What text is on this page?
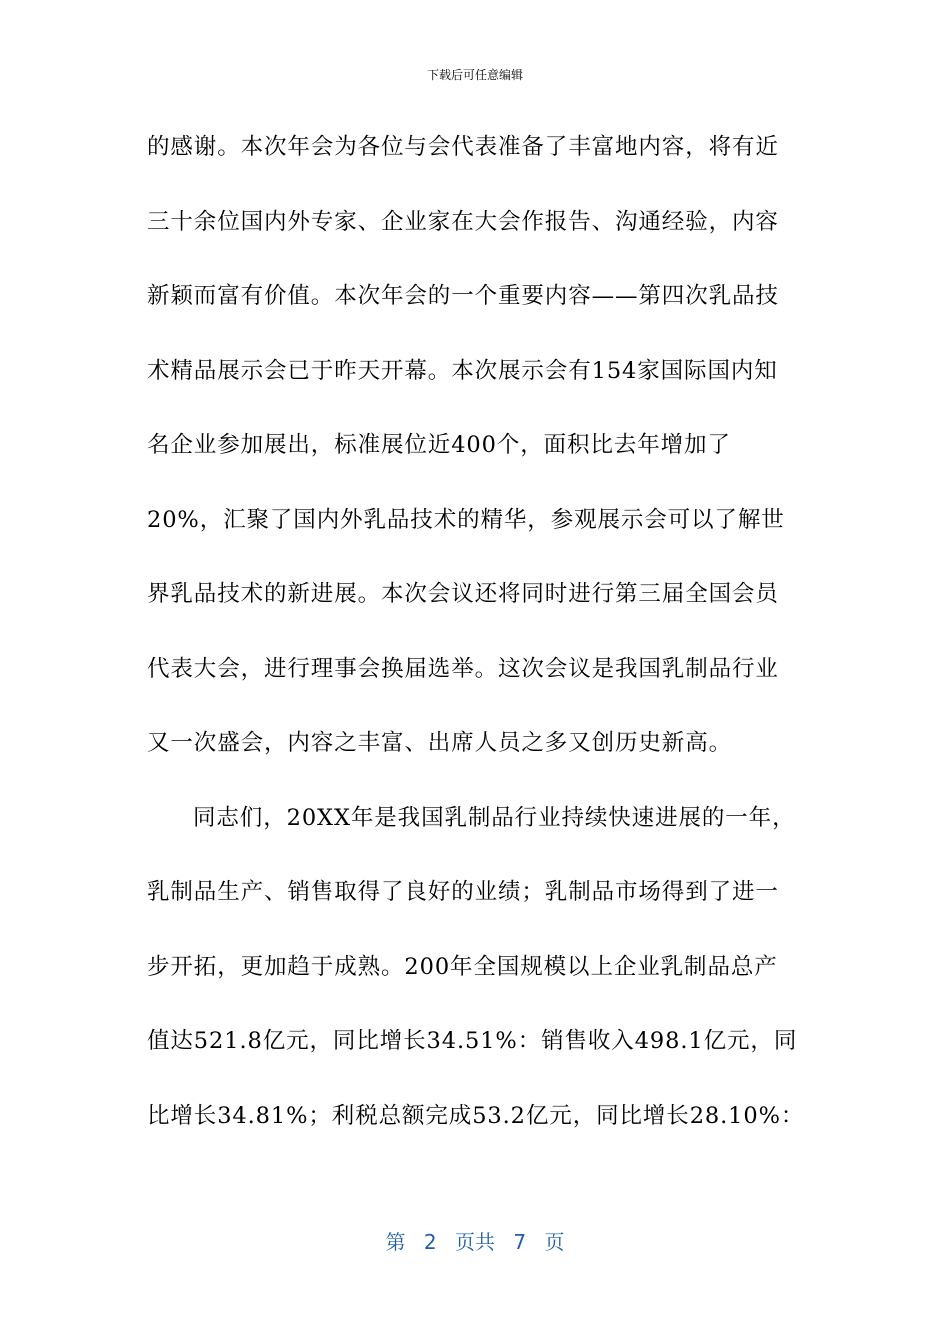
下载后可任意编辑
的感谢。本次年会为各位与会代表准备了丰富地内容，将有近
三十余位国内外专家、企业家在大会作报告、沟通经验，内容
新颖而富有价值。本次年会的一个重要内容——第四次乳品技
术精品展示会已于昨天开幕。本次展示会有154家国际国内知
名企业参加展出，标准展位近400个，面积比去年增加了
20%，汇聚了国内外乳品技术的精华，参观展示会可以了解世
界乳品技术的新进展。本次会议还将同时进行第三届全国会员
代表大会，进行理事会换届选举。这次会议是我国乳制品行业
又一次盛会，内容之丰富、出席人员之多又创历史新高。
同志们，20XX年是我国乳制品行业持续快速进展的一年，
乳制品生产、销售取得了良好的业绩；乳制品市场得到了进一
步开拓，更加趋于成熟。200年全国规模以上企业乳制品总产
值达521.8亿元，同比增长34.51%：销售收入498.1亿元，同
比增长34.81%；利税总额完成53.2亿元，同比增长28.10%：
第 2 页共 7 页
